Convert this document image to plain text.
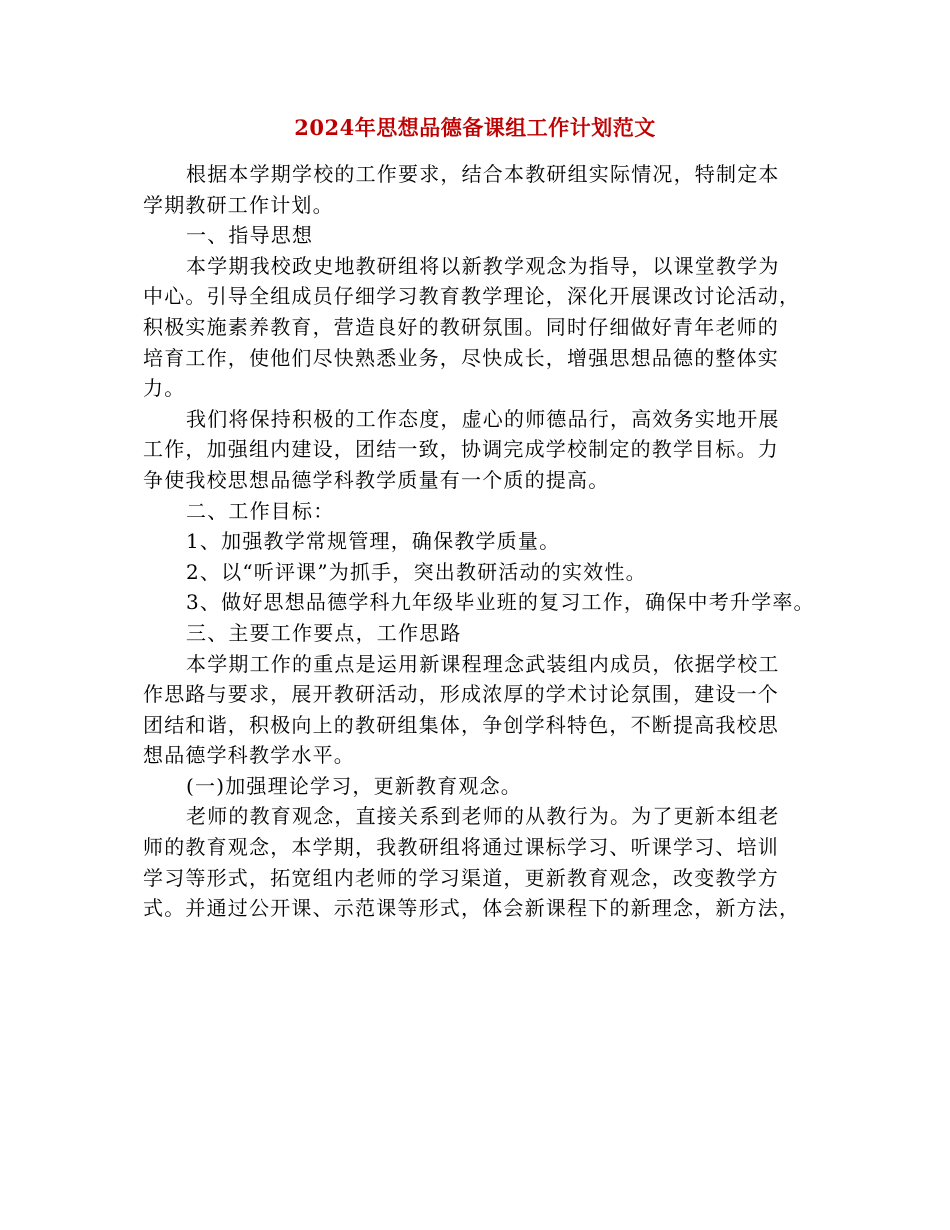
2024年思想品德备课组工作计划范文
根据本学期学校的工作要求，结合本教研组实际情况，特制定本
学期教研工作计划。
一、指导思想
本学期我校政史地教研组将以新教学观念为指导，以课堂教学为
中心。引导全组成员仔细学习教育教学理论，深化开展课改讨论活动，
积极实施素养教育，营造良好的教研氛围。同时仔细做好青年老师的
培育工作，使他们尽快熟悉业务，尽快成长，增强思想品德的整体实
力。
我们将保持积极的工作态度，虚心的师德品行，高效务实地开展
工作，加强组内建设，团结一致，协调完成学校制定的教学目标。力
争使我校思想品德学科教学质量有一个质的提高。
二、工作目标：
1、加强教学常规管理，确保教学质量。
2、以“听评课”为抓手，突出教研活动的实效性。
3、做好思想品德学科九年级毕业班的复习工作，确保中考升学率。
三、主要工作要点，工作思路
本学期工作的重点是运用新课程理念武装组内成员，依据学校工
作思路与要求，展开教研活动，形成浓厚的学术讨论氛围，建设一个
团结和谐，积极向上的教研组集体，争创学科特色，不断提高我校思
想品德学科教学水平。
(一)加强理论学习，更新教育观念。
老师的教育观念，直接关系到老师的从教行为。为了更新本组老
师的教育观念，本学期，我教研组将通过课标学习、听课学习、培训
学习等形式，拓宽组内老师的学习渠道，更新教育观念，改变教学方
式。并通过公开课、示范课等形式，体会新课程下的新理念，新方法，
